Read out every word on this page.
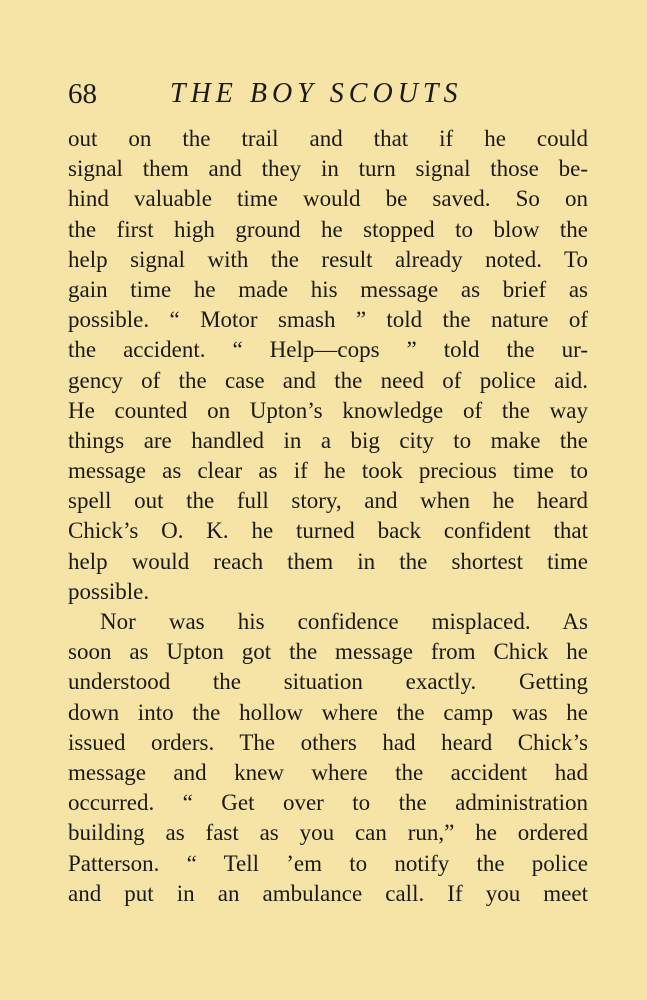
68	THE BOY SCOUTS
out on the trail and that if he could
signal them and they in turn signal those be-
hind valuable time would be saved. So on
the first high ground he stopped to blow the
help signal with the result already noted. To
gain time he made his message as brief as
possible. “ Motor smash ” told the nature of
the accident. “ Help—cops ” told the ur-
gency of the case and the need of police aid.
He counted on Upton’s knowledge of the way
things are handled in a big city to make the
message as clear as if he took precious time to
spell out the full story, and when he heard
Chick’s O. K. he turned back confident that
help would reach them in the shortest time
possible.
Nor was his confidence misplaced. As
soon as Upton got the message from Chick he
understood the situation exactly. Getting
down into the hollow where the camp was he
issued orders. The others had heard Chick’s
message and knew where the accident had
occurred. “ Get over to the administration
building as fast as you can run,” he ordered
Patterson. “ Tell ’em to notify the police
and put in an ambulance call. If you meet
